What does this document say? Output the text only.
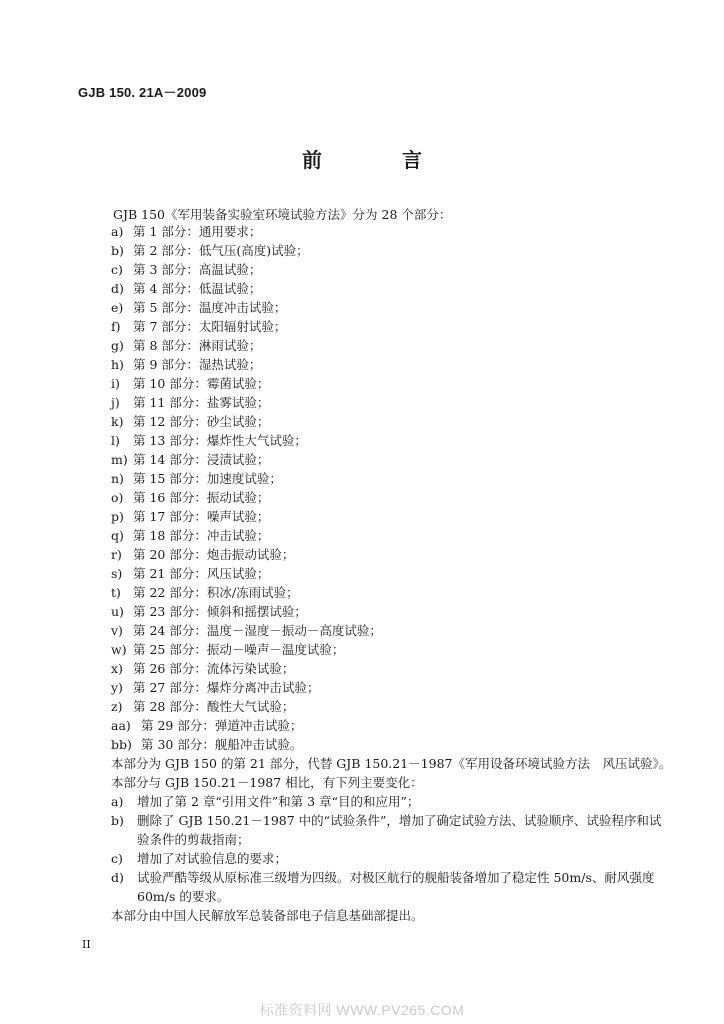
GJB 150. 21A－2009
前　言
GJB 150《军用装备实验室环境试验方法》分为 28 个部分：
a) 第 1 部分：通用要求；
b) 第 2 部分：低气压(高度)试验；
c) 第 3 部分：高温试验；
d) 第 4 部分：低温试验；
e) 第 5 部分：温度冲击试验；
f) 第 7 部分：太阳辐射试验；
g) 第 8 部分：淋雨试验；
h) 第 9 部分：湿热试验；
i) 第 10 部分：霉菌试验；
j) 第 11 部分：盐雾试验；
k) 第 12 部分：砂尘试验；
l) 第 13 部分：爆炸性大气试验；
m) 第 14 部分：浸渍试验；
n) 第 15 部分：加速度试验；
o) 第 16 部分：振动试验；
p) 第 17 部分：噪声试验；
q) 第 18 部分：冲击试验；
r) 第 20 部分：炮击振动试验；
s) 第 21 部分：风压试验；
t) 第 22 部分：积冰/冻雨试验；
u) 第 23 部分：倾斜和摇摆试验；
v) 第 24 部分：温度－湿度－振动－高度试验；
w) 第 25 部分：振动－噪声－温度试验；
x) 第 26 部分：流体污染试验；
y) 第 27 部分：爆炸分离冲击试验；
z) 第 28 部分：酸性大气试验；
aa) 第 29 部分：弹道冲击试验；
bb) 第 30 部分：舰船冲击试验。
本部分为 GJB 150 的第 21 部分，代替 GJB 150.21－1987《军用设备环境试验方法　风压试验》。
本部分与 GJB 150.21－1987 相比，有下列主要变化：
a) 增加了第 2 章“引用文件”和第 3 章“目的和应用”；
b) 删除了 GJB 150.21－1987 中的“试验条件”，增加了确定试验方法、试验顺序、试验程序和试验条件的剪裁指南；
c) 增加了对试验信息的要求；
d) 试验严酷等级从原标准三级增为四级。对极区航行的舰船装备增加了稳定性 50m/s、耐风强度 60m/s 的要求。
本部分由中国人民解放军总装备部电子信息基础部提出。
II
标准资料网 WWW.PV265.COM
